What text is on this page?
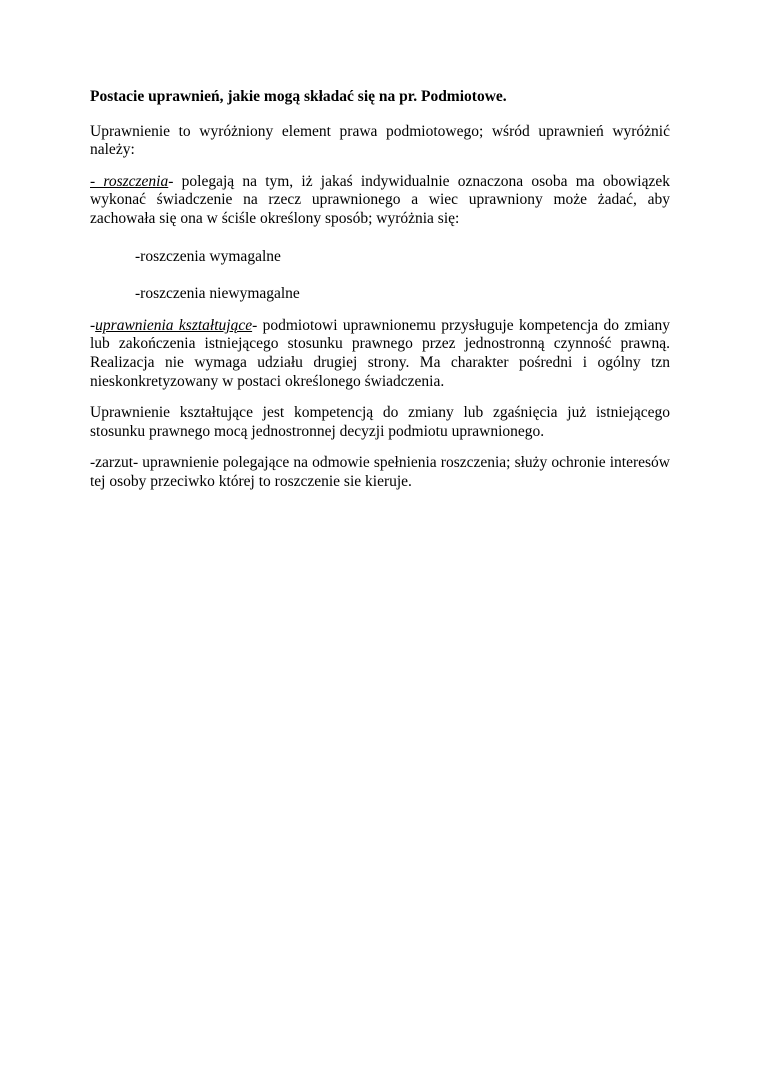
Postacie uprawnień, jakie mogą składać się na pr. Podmiotowe.

Uprawnienie to wyróżniony element prawa podmiotowego; wśród uprawnień wyróżnić należy:

- roszczenia- polegają na tym, iż jakaś indywidualnie oznaczona osoba ma obowiązek wykonać świadczenie na rzecz uprawnionego a wiec uprawniony może żadać, aby zachowała się ona w ściśle określony sposób; wyróżnia się:

-roszczenia wymagalne

-roszczenia niewymagalne

-uprawnienia kształtujące- podmiotowi uprawnionemu przysługuje kompetencja do zmiany lub zakończenia istniejącego stosunku prawnego przez jednostronną czynność prawną. Realizacja nie wymaga udziału drugiej strony. Ma charakter pośredni i ogólny tzn nieskonkretyzowany w postaci określonego świadczenia.

Uprawnienie kształtujące jest kompetencją do zmiany lub zgaśnięcia już istniejącego stosunku prawnego mocą jednostronnej decyzji podmiotu uprawnionego.

-zarzut- uprawnienie polegające na odmowie spełnienia roszczenia; służy ochronie interesów tej osoby przeciwko której to roszczenie sie kieruje.
